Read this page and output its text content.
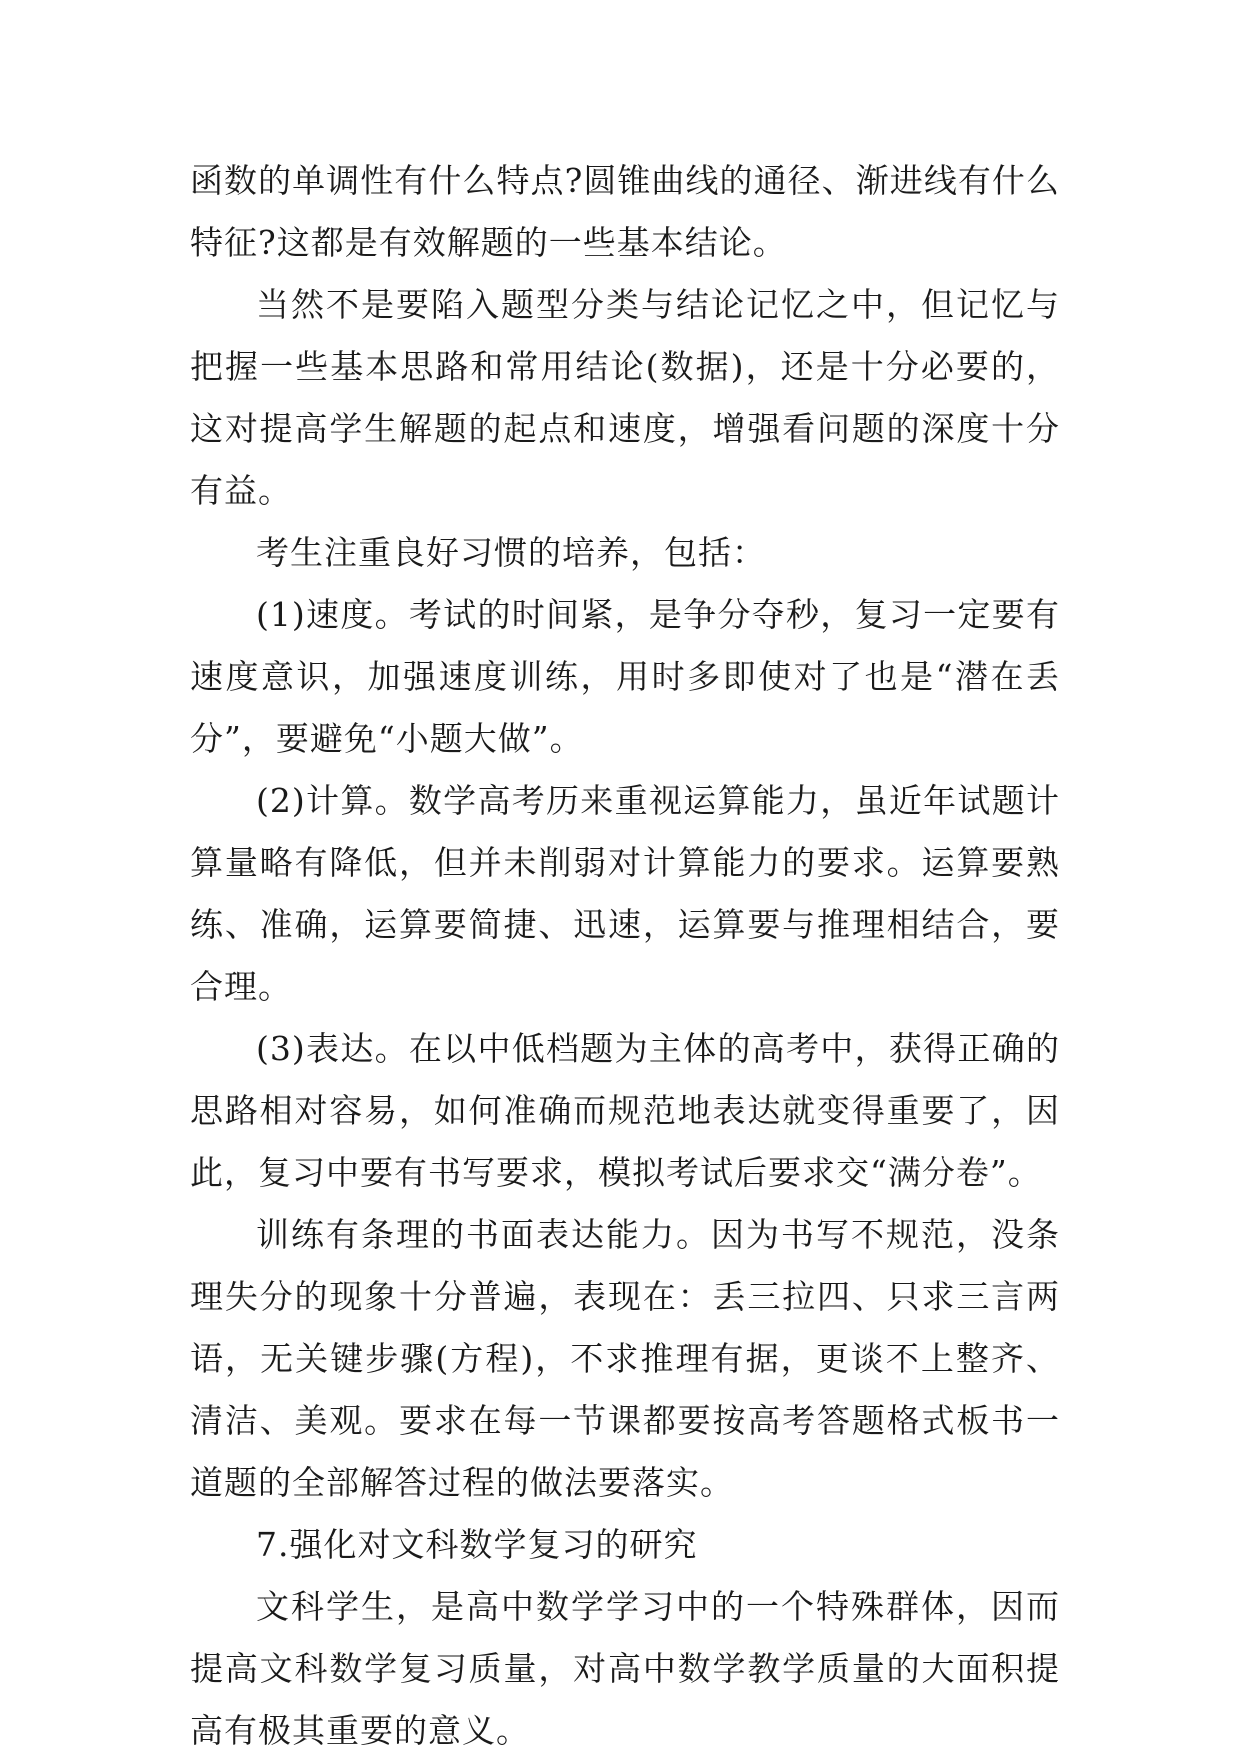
函数的单调性有什么特点?圆锥曲线的通径、渐进线有什么特征?这都是有效解题的一些基本结论。

当然不是要陷入题型分类与结论记忆之中，但记忆与把握一些基本思路和常用结论(数据)，还是十分必要的，这对提高学生解题的起点和速度，增强看问题的深度十分有益。

考生注重良好习惯的培养，包括：

(1)速度。考试的时间紧，是争分夺秒，复习一定要有速度意识，加强速度训练，用时多即使对了也是“潜在丢分”，要避免“小题大做”。

(2)计算。数学高考历来重视运算能力，虽近年试题计算量略有降低，但并未削弱对计算能力的要求。运算要熟练、准确，运算要简捷、迅速，运算要与推理相结合，要合理。

(3)表达。在以中低档题为主体的高考中，获得正确的思路相对容易，如何准确而规范地表达就变得重要了，因此，复习中要有书写要求，模拟考试后要求交“满分卷”。

训练有条理的书面表达能力。因为书写不规范，没条理失分的现象十分普遍，表现在：丢三拉四、只求三言两语，无关键步骤(方程)，不求推理有据，更谈不上整齐、清洁、美观。要求在每一节课都要按高考答题格式板书一道题的全部解答过程的做法要落实。

7.强化对文科数学复习的研究

文科学生，是高中数学学习中的一个特殊群体，因而提高文科数学复习质量，对高中数学教学质量的大面积提高有极其重要的意义。
